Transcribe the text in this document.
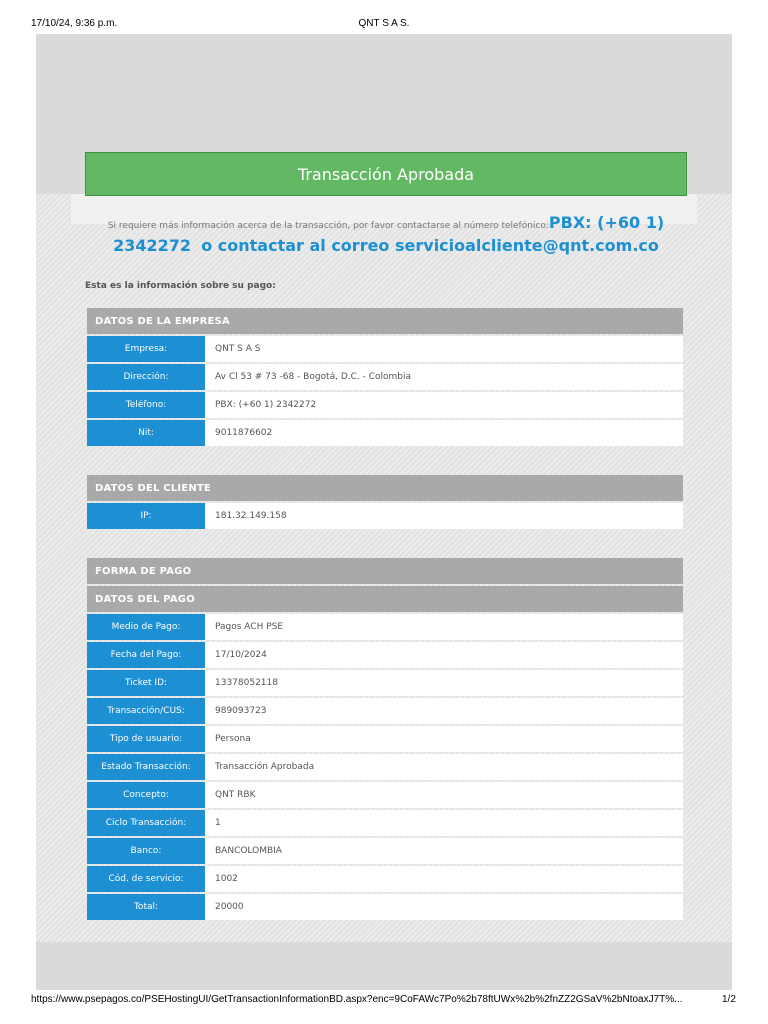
17/10/24, 9:36 p.m.	QNT S A S.
Transacción Aprobada
Si requiere más información acerca de la transacción, por favor contactarse al número telefónico:PBX: (+60 1)
2342272 o contactar al correo servicioalcliente@qnt.com.co
Esta es la información sobre su pago:
DATOS DE LA EMPRESA
Empresa:	QNT S A S
Dirección:	Av Cl 53 # 73 -68 - Bogotá, D.C. - Colombia
Teléfono:	PBX: (+60 1) 2342272
Nit:	9011876602
DATOS DEL CLIENTE
IP:	181.32.149.158
FORMA DE PAGO
DATOS DEL PAGO
Medio de Pago:	Pagos ACH PSE
Fecha del Pago:	17/10/2024
Ticket ID:	13378052118
Transacción/CUS:	989093723
Tipo de usuario:	Persona
Estado Transacción:	Transacción Aprobada
Concepto:	QNT RBK
Ciclo Transacción:	1
Banco:	BANCOLOMBIA
Cód. de servicio:	1002
Total:	20000
https://www.psepagos.co/PSEHostingUI/GetTransactionInformationBD.aspx?enc=9CoFAWc7Po%2b78ftUWx%2b%2fnZZ2GSaV%2bNtoaxJ7T%...	1/2
